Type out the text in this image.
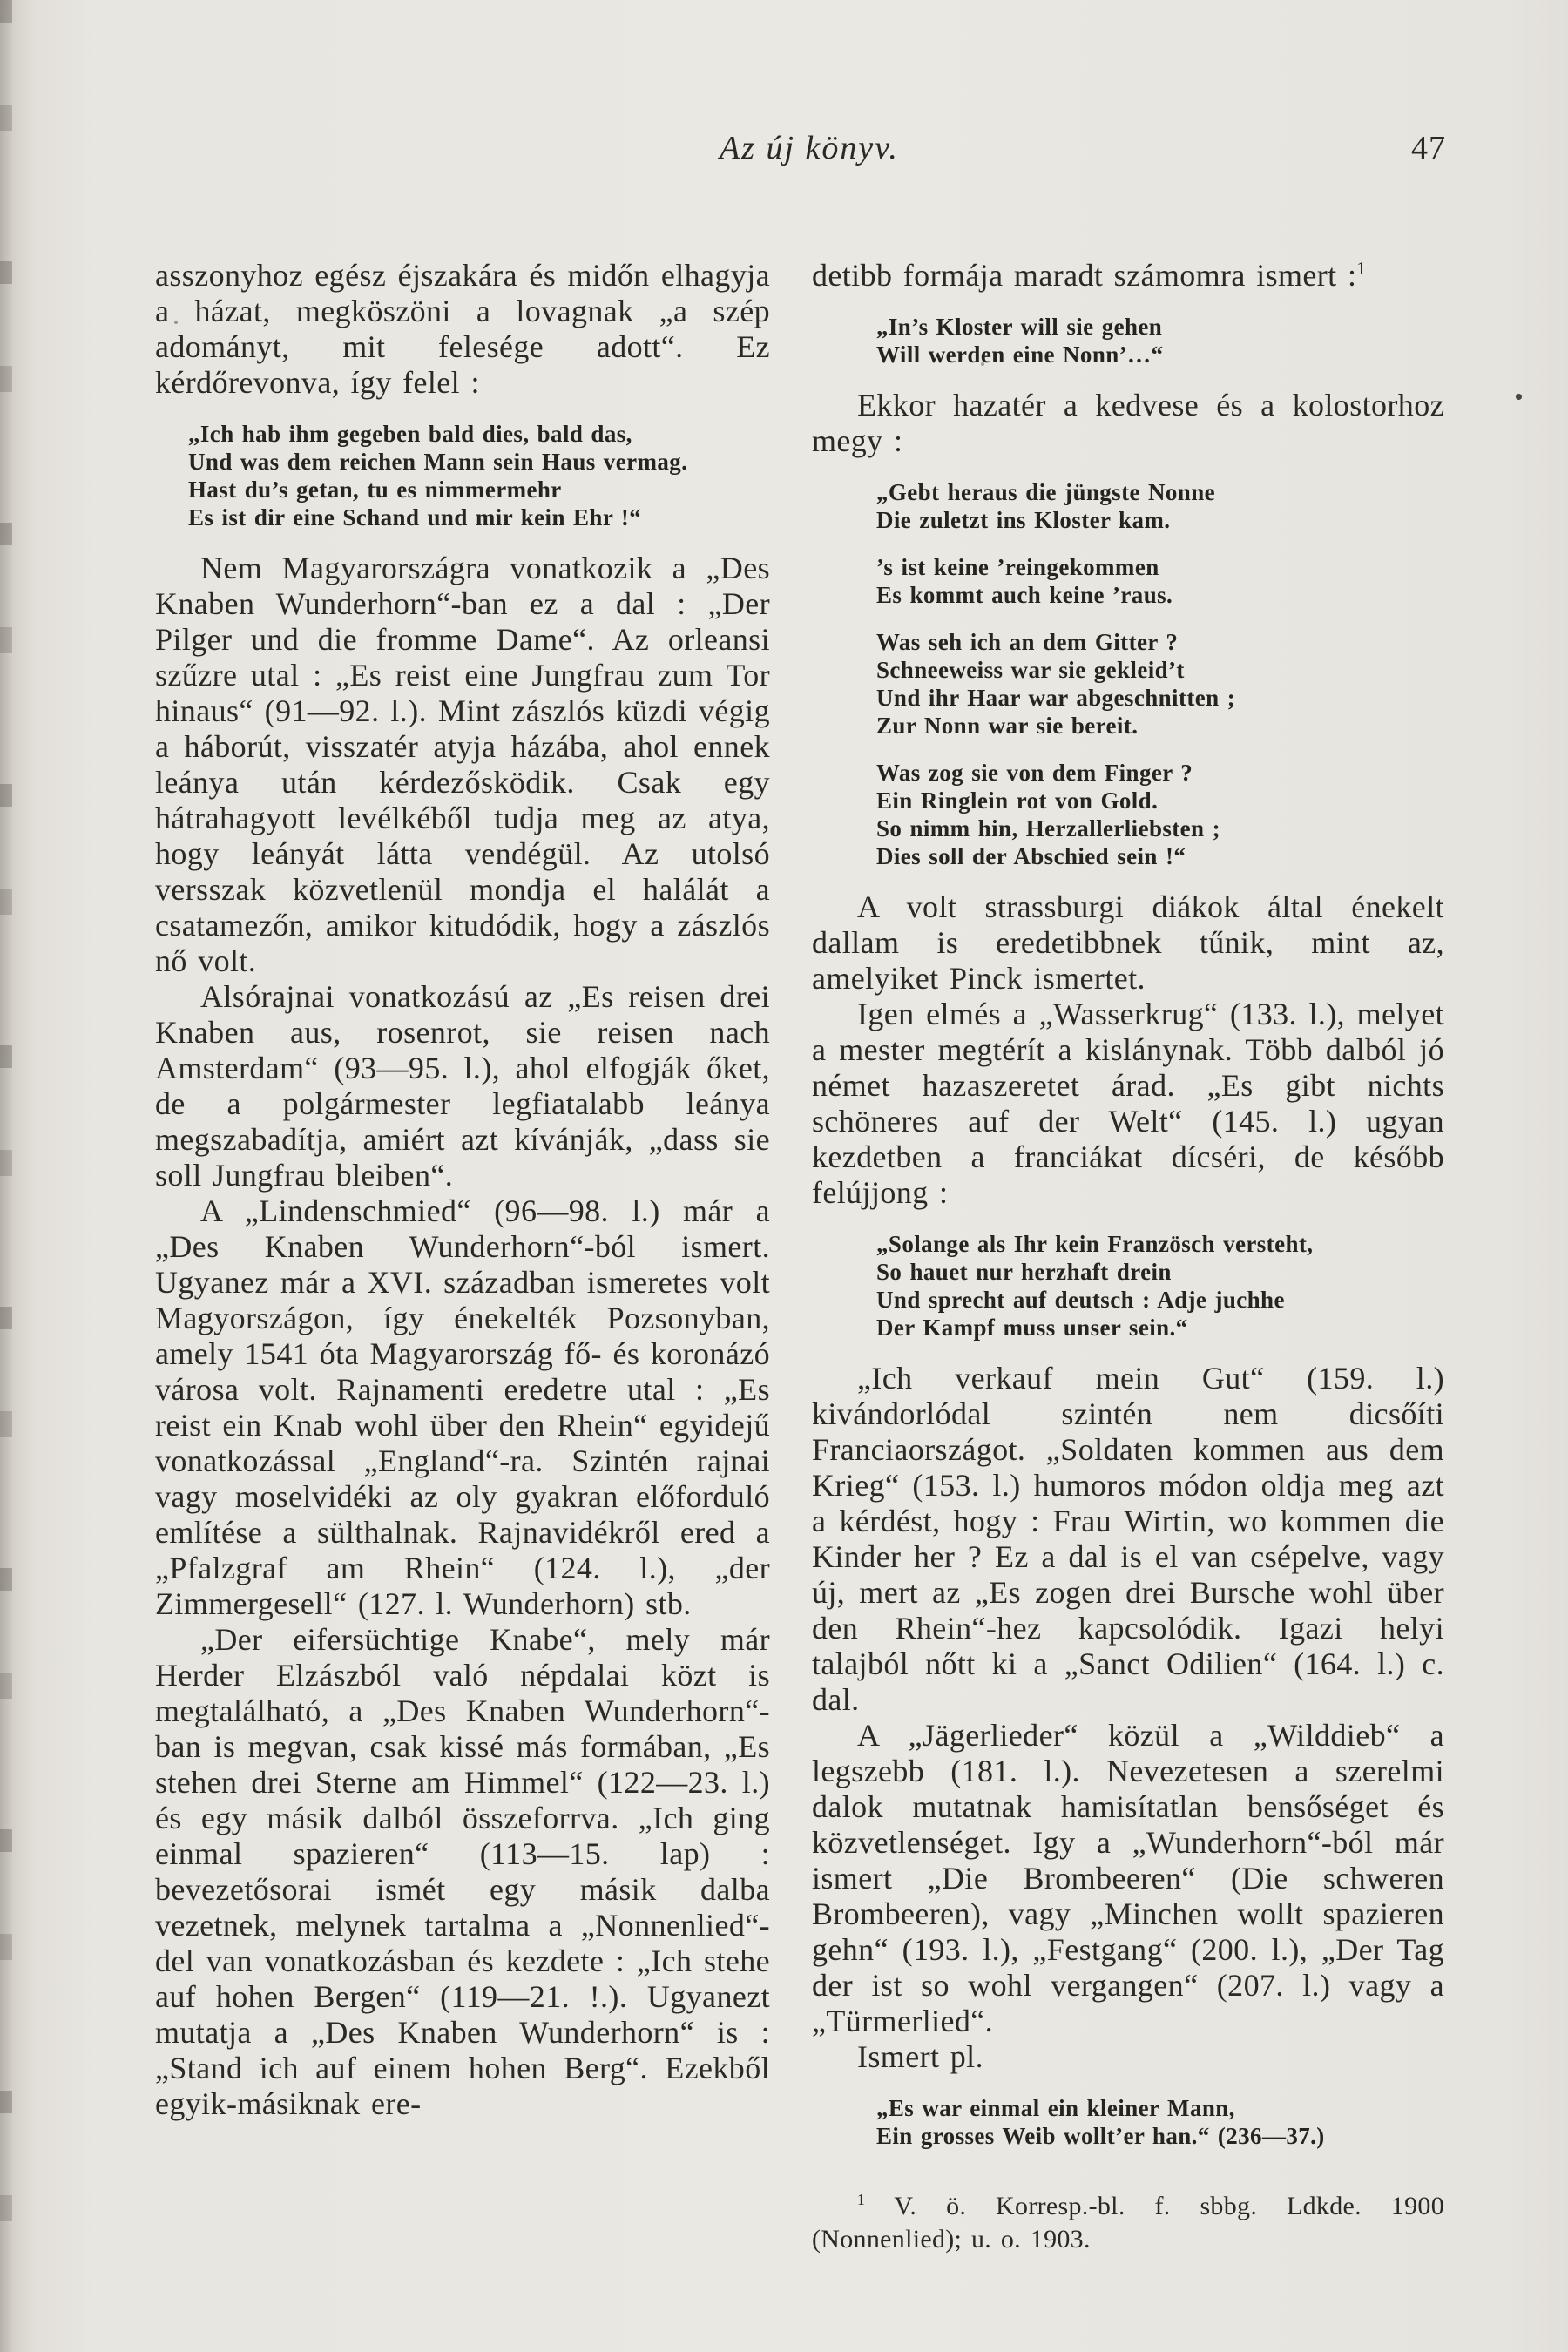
Az új könyv.	47

asszonyhoz egész éjszakára és midőn elhagyja a házat, megköszöni a lovagnak „a szép adományt, mit felesége adott“. Ez kérdőrevonva, így felel :

„Ich hab ihm gegeben bald dies, bald das,
Und was dem reichen Mann sein Haus vermag.
Hast du’s getan, tu es nimmermehr
Es ist dir eine Schand und mir kein Ehr !“

Nem Magyarországra vonatkozik a „Des Knaben Wunderhorn“-ban ez a dal : „Der Pilger und die fromme Dame“. Az orleansi szűzre utal : „Es reist eine Jungfrau zum Tor hinaus“ (91—92. l.). Mint zászlós küzdi végig a háborút, visszatér atyja házába, ahol ennek leánya után kérdezősködik. Csak egy hátrahagyott levélkéből tudja meg az atya, hogy leányát látta vendégül. Az utolsó versszak közvetlenül mondja el halálát a csatamezőn, amikor kitudódik, hogy a zászlós nő volt.

Alsórajnai vonatkozású az „Es reisen drei Knaben aus, rosenrot, sie reisen nach Amsterdam“ (93—95. l.), ahol elfogják őket, de a polgármester legfiatalabb leánya megszabadítja, amiért azt kívánják, „dass sie soll Jungfrau bleiben“.

A „Lindenschmied“ (96—98. l.) már a „Des Knaben Wunderhorn“-ból ismert. Ugyanez már a XVI. században ismeretes volt Magyországon, így énekelték Pozsonyban, amely 1541 óta Magyarország fő- és koronázó városa volt. Rajnamenti eredetre utal : „Es reist ein Knab wohl über den Rhein“ egyidejű vonatkozással „England“-ra. Szintén rajnai vagy moselvidéki az oly gyakran előforduló említése a sülthalnak. Rajnavidékről ered a „Pfalzgraf am Rhein“ (124. l.), „der Zimmergesell“ (127. l. Wunderhorn) stb.

„Der eifersüchtige Knabe“, mely már Herder Elzászból való népdalai közt is megtalálható, a „Des Knaben Wunderhorn“-ban is megvan, csak kissé más formában, „Es stehen drei Sterne am Himmel“ (122—23. l.) és egy másik dalból összeforrva. „Ich ging einmal spazieren“ (113—15. lap) : bevezetősorai ismét egy másik dalba vezetnek, melynek tartalma a „Nonnenlied“-del van vonatkozásban és kezdete : „Ich stehe auf hohen Bergen“ (119—21. !.). Ugyanezt mutatja a „Des Knaben Wunderhorn“ is : „Stand ich auf einem hohen Berg“. Ezekből egyik-másiknak ere-

detibb formája maradt számomra ismert :$^1$

„In’s Kloster will sie gehen
Will werden eine Nonn’…“

Ekkor hazatér a kedvese és a kolostorhoz megy :

„Gebt heraus die jüngste Nonne
Die zuletzt ins Kloster kam.
’s ist keine ’reingekommen
Es kommt auch keine ’raus.
Was seh ich an dem Gitter ?
Schneeweiss war sie gekleid’t
Und ihr Haar war abgeschnitten ;
Zur Nonn war sie bereit.
Was zog sie von dem Finger ?
Ein Ringlein rot von Gold.
So nimm hin, Herzallerliebsten ;
Dies soll der Abschied sein !“

A volt strassburgi diákok által énekelt dallam is eredetibbnek tűnik, mint az, amelyiket Pinck ismertet.

Igen elmés a „Wasserkrug“ (133. l.), melyet a mester megtérít a kislánynak. Több dalból jó német hazaszeretet árad. „Es gibt nichts schöneres auf der Welt“ (145. l.) ugyan kezdetben a franciákat dícséri, de később felújjong :

„Solange als Ihr kein Französch versteht,
So hauet nur herzhaft drein
Und sprecht auf deutsch : Adje juchhe
Der Kampf muss unser sein.“

„Ich verkauf mein Gut“ (159. l.) kivándorlódal szintén nem dicsőíti Franciaországot. „Soldaten kommen aus dem Krieg“ (153. l.) humoros módon oldja meg azt a kérdést, hogy : Frau Wirtin, wo kommen die Kinder her ? Ez a dal is el van csépelve, vagy új, mert az „Es zogen drei Bursche wohl über den Rhein“-hez kapcsolódik. Igazi helyi talajból nőtt ki a „Sanct Odilien“ (164. l.) c. dal.

A „Jägerlieder“ közül a „Wilddieb“ a legszebb (181. l.). Nevezetesen a szerelmi dalok mutatnak hamisítatlan bensőséget és közvetlenséget. Igy a „Wunderhorn“-ból már ismert „Die Brombeeren“ (Die schweren Brombeeren), vagy „Minchen wollt spazieren gehn“ (193. l.), „Festgang“ (200. l.), „Der Tag der ist so wohl vergangen“ (207. l.) vagy a „Türmerlied“.

Ismert pl.

„Es war einmal ein kleiner Mann,
Ein grosses Weib wollt’er han.“ (236—37.)
$^1$ V. ö. Korresp.-bl. f. sbbg. Ldkde. 1900 (Nonnenlied); u. o. 1903.
